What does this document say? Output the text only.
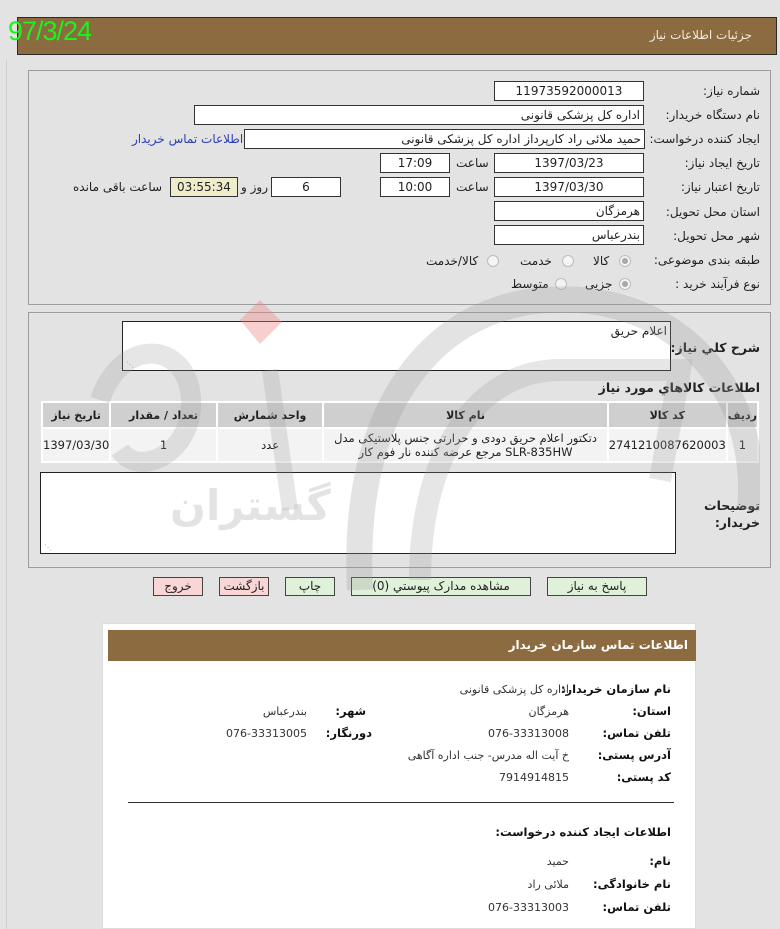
جزئیات اطلاعات نیاز
97/3/24
شماره نیاز:
11973592000013
نام دستگاه خریدار:
اداره کل پزشکی قانونی
ایجاد کننده درخواست:
حمید ملائی راد کارپرداز اداره کل پزشکی قانونی
اطلاعات تماس خریدار
تاریخ ایجاد نیاز:
1397/03/23
ساعت
17:09
تاریخ اعتبار نیاز:
1397/03/30
ساعت
10:00
6
روز و
03:55:34
ساعت باقی مانده
استان محل تحویل:
هرمزگان
شهر محل تحویل:
بندرعباس
طبقه بندی موضوعی:
کالا
خدمت
کالا/خدمت
نوع فرآیند خرید :
جزیی
متوسط
شرح كلي نياز:
اعلام حریق
⋰
اطلاعات كالاهاي مورد نياز
ردیف	کد کالا	نام کالا	واحد شمارش	تعداد / مقدار	تاریخ نیاز
1	2741210087620003	دتکتور اعلام حریق دودی و حرارتی جنس پلاستیکی مدل
SLR-835HW مرجع عرضه کننده نار فوم کار	عدد	1	1397/03/30
توضیحات
خریدار:
⋰
پاسخ به نیاز
مشاهده مدارک پیوستي (0)
چاپ
بازگشت
خروج
اطلاعات تماس سازمان خریدار
نام سازمان خریدار:
اداره کل پزشکی قانونی
استان:
هرمزگان
شهر:
بندرعباس
تلفن تماس:
076-33313008
دورنگار:
076-33313005
آدرس پستی:
خ آیت اله مدرس- جنب اداره آگاهی
کد پستی:
7914914815
اطلاعات ایجاد کننده درخواست:
نام:
حمید
نام خانوادگی:
ملائی راد
تلفن تماس:
076-33313003
گستران
